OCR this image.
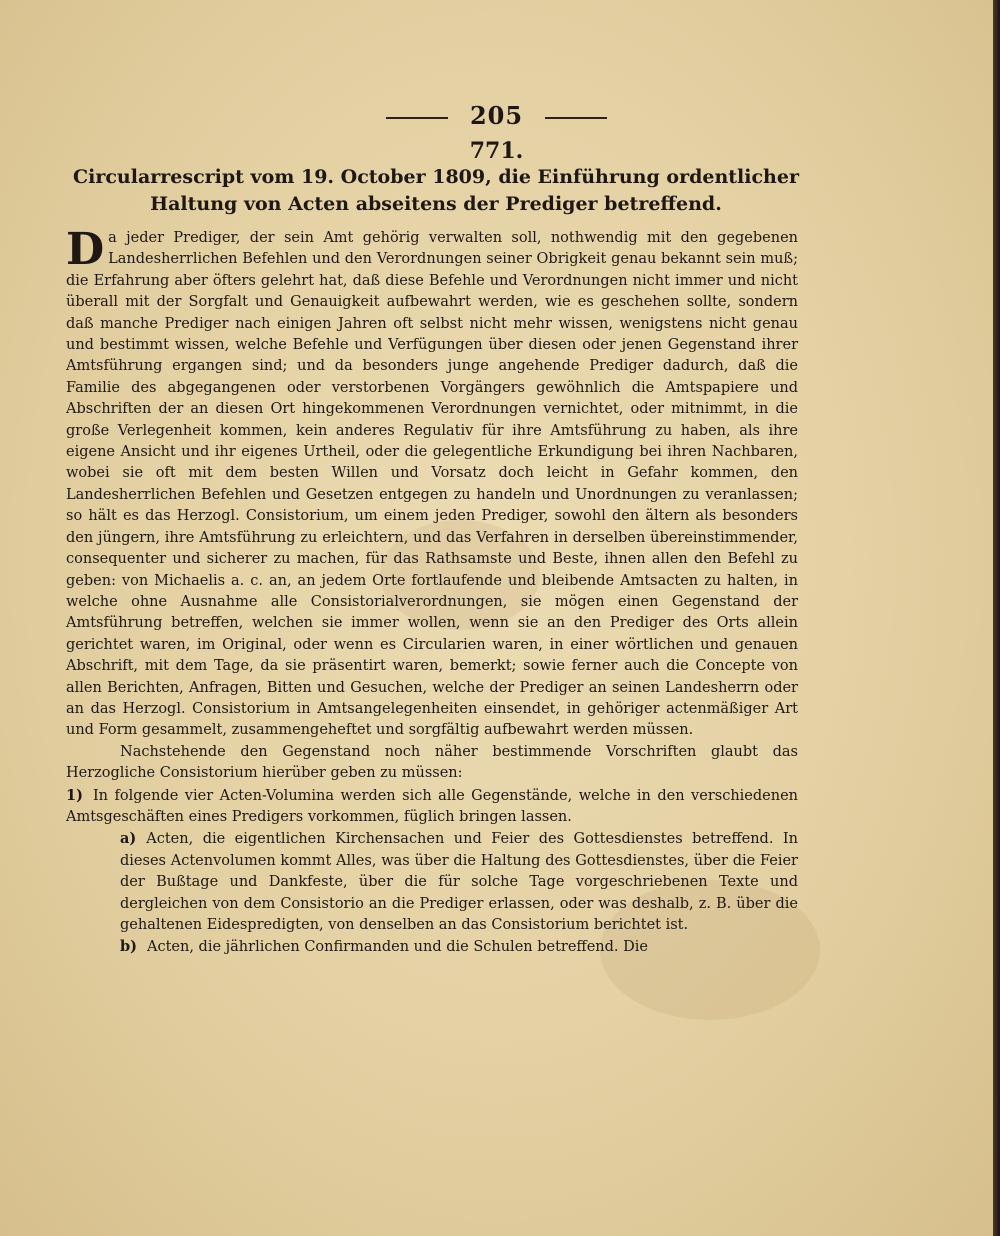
205
771.
Circularrescript vom 19. October 1809, die Einführung ordentlicher Haltung von Acten abseitens der Prediger betreffend.

Da jeder Prediger, der sein Amt gehörig verwalten soll, nothwendig mit den gegebenen Landesherrlichen Befehlen und den Verordnungen seiner Obrigkeit genau bekannt sein muß; die Erfahrung aber öfters gelehrt hat, daß diese Befehle und Verordnungen nicht immer und nicht überall mit der Sorgfalt und Genauigkeit aufbewahrt werden, wie es geschehen sollte, sondern daß manche Prediger nach einigen Jahren oft selbst nicht mehr wissen, wenigstens nicht genau und bestimmt wissen, welche Befehle und Verfügungen über diesen oder jenen Gegenstand ihrer Amtsführung ergangen sind; und da besonders junge angehende Prediger dadurch, daß die Familie des abgegangenen oder verstorbenen Vorgängers gewöhnlich die Amtspapiere und Abschriften der an diesen Ort hingekommenen Verordnungen vernichtet, oder mitnimmt, in die große Verlegenheit kommen, kein anderes Regulativ für ihre Amtsführung zu haben, als ihre eigene Ansicht und ihr eigenes Urtheil, oder die gelegentliche Erkundigung bei ihren Nachbaren, wobei sie oft mit dem besten Willen und Vorsatz doch leicht in Gefahr kommen, den Landesherrlichen Befehlen und Gesetzen entgegen zu handeln und Unordnungen zu veranlassen; so hält es das Herzogl. Consistorium, um einem jeden Prediger, sowohl den ältern als besonders den jüngern, ihre Amtsführung zu erleichtern, und das Verfahren in derselben übereinstimmender, consequenter und sicherer zu machen, für das Rathsamste und Beste, ihnen allen den Befehl zu geben: von Michaelis a. c. an, an jedem Orte fortlaufende und bleibende Amtsacten zu halten, in welche ohne Ausnahme alle Consistorialverordnungen, sie mögen einen Gegenstand der Amtsführung betreffen, welchen sie immer wollen, wenn sie an den Prediger des Orts allein gerichtet waren, im Original, oder wenn es Circularien waren, in einer wörtlichen und genauen Abschrift, mit dem Tage, da sie präsentirt waren, bemerkt; sowie ferner auch die Concepte von allen Berichten, Anfragen, Bitten und Gesuchen, welche der Prediger an seinen Landesherrn oder an das Herzogl. Consistorium in Amtsangelegenheiten einsendet, in gehöriger actenmäßiger Art und Form gesammelt, zusammengeheftet und sorgfältig aufbewahrt werden müssen.

Nachstehende den Gegenstand noch näher bestimmende Vorschriften glaubt das Herzogliche Consistorium hierüber geben zu müssen:

1) In folgende vier Acten-Volumina werden sich alle Gegenstände, welche in den verschiedenen Amtsgeschäften eines Predigers vorkommen, füglich bringen lassen.

a) Acten, die eigentlichen Kirchensachen und Feier des Gottesdienstes betreffend. In dieses Actenvolumen kommt Alles, was über die Haltung des Gottesdienstes, über die Feier der Bußtage und Dankfeste, über die für solche Tage vorgeschriebenen Texte und dergleichen von dem Consistorio an die Prediger erlassen, oder was deshalb, z. B. über die gehaltenen Eidespredigten, von denselben an das Consistorium berichtet ist.

b) Acten, die jährlichen Confirmanden und die Schulen betreffend. Die
